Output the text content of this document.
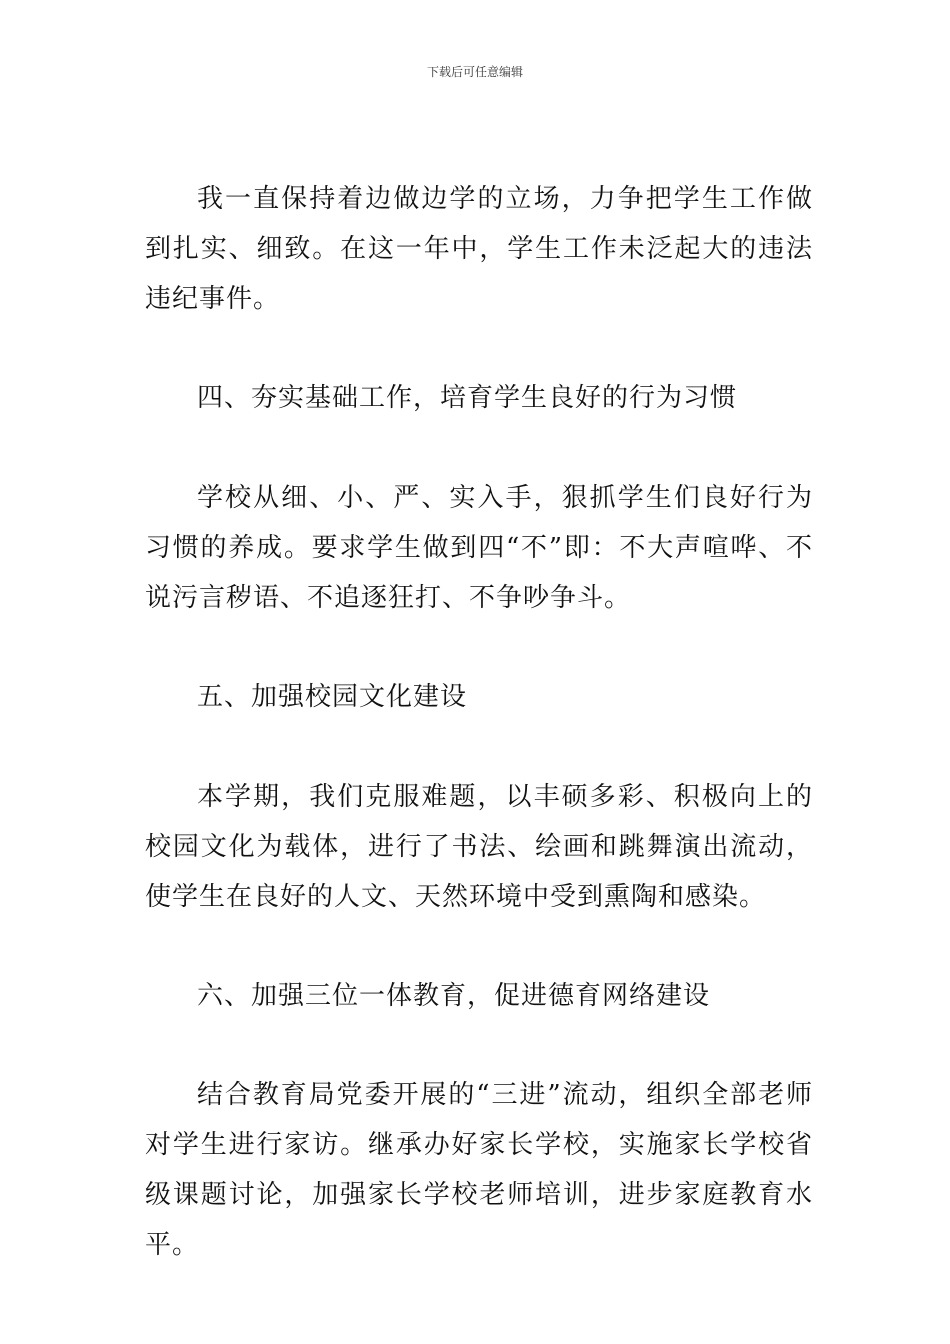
下载后可任意编辑

我一直保持着边做边学的立场，力争把学生工作做到扎实、细致。在这一年中，学生工作未泛起大的违法违纪事件。

四、夯实基础工作，培育学生良好的行为习惯

学校从细、小、严、实入手，狠抓学生们良好行为习惯的养成。要求学生做到四“不”即：不大声喧哗、不说污言秽语、不追逐狂打、不争吵争斗。

五、加强校园文化建设

本学期，我们克服难题，以丰硕多彩、积极向上的校园文化为载体，进行了书法、绘画和跳舞演出流动，使学生在良好的人文、天然环境中受到熏陶和感染。

六、加强三位一体教育，促进德育网络建设

结合教育局党委开展的“三进”流动，组织全部老师对学生进行家访。继承办好家长学校，实施家长学校省级课题讨论，加强家长学校老师培训，进步家庭教育水平。
